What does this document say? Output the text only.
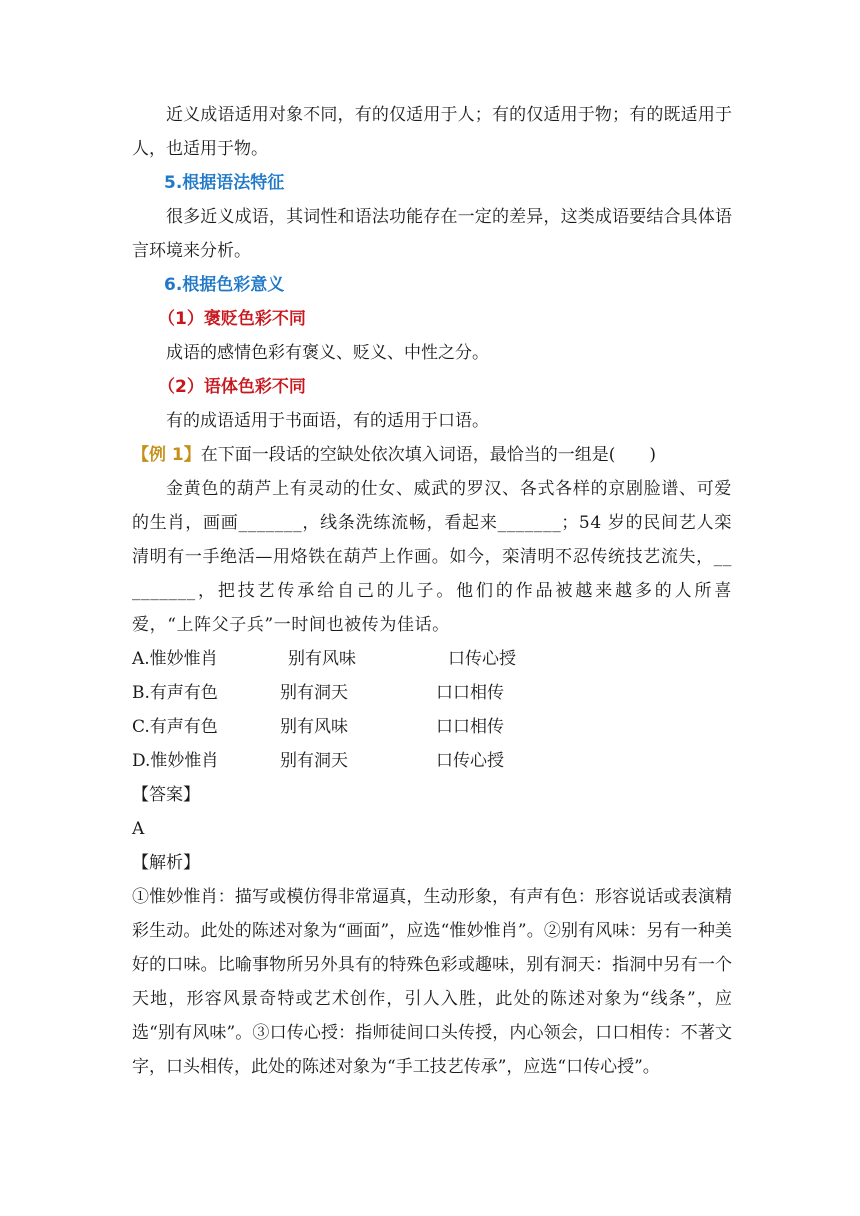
近义成语适用对象不同，有的仅适用于人；有的仅适用于物；有的既适用于人，也适用于物。

5.根据语法特征

很多近义成语，其词性和语法功能存在一定的差异，这类成语要结合具体语言环境来分析。

6.根据色彩意义

（1）褒贬色彩不同

成语的感情色彩有褒义、贬义、中性之分。

（2）语体色彩不同

有的成语适用于书面语，有的适用于口语。

【例 1】在下面一段话的空缺处依次填入词语，最恰当的一组是(　　)

金黄色的葫芦上有灵动的仕女、威武的罗汉、各式各样的京剧脸谱、可爱的生肖，画画_______，线条洗练流畅，看起来_______；54 岁的民间艺人栾清明有一手绝活—用烙铁在葫芦上作画。如今，栾清明不忍传统技艺流失，_________，把技艺传承给自己的儿子。他们的作品被越来越多的人所喜爱，“上阵父子兵”一时间也被传为佳话。

A.惟妙惟肖	别有风味	口传心授
B.有声有色	别有洞天	口口相传
C.有声有色	别有风味	口口相传
D.惟妙惟肖	别有洞天	口传心授

【答案】

A

【解析】

①惟妙惟肖：描写或模仿得非常逼真，生动形象，有声有色：形容说话或表演精彩生动。此处的陈述对象为“画面”，应选“惟妙惟肖”。②别有风味：另有一种美好的口味。比喻事物所另外具有的特殊色彩或趣味，别有洞天：指洞中另有一个天地，形容风景奇特或艺术创作，引人入胜，此处的陈述对象为“线条”，应选“别有风味”。③口传心授：指师徒间口头传授，内心领会，口口相传：不著文字，口头相传，此处的陈述对象为“手工技艺传承”，应选“口传心授”。
